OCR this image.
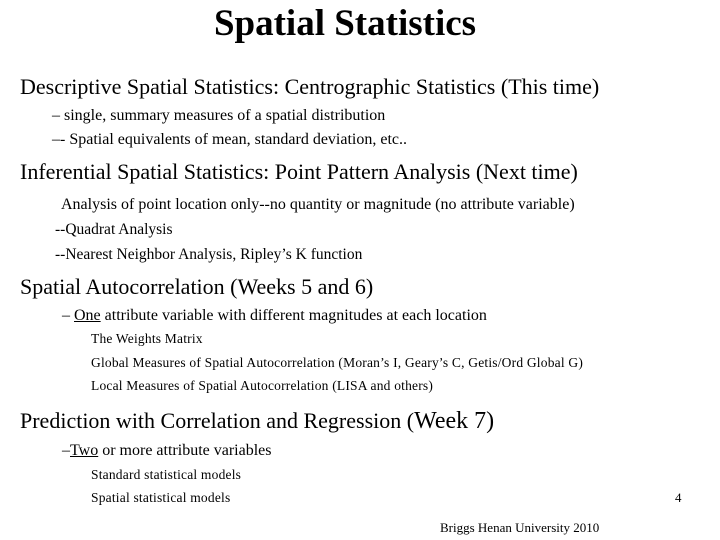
Spatial Statistics
Descriptive Spatial Statistics: Centrographic Statistics (This time)
– single, summary measures of a spatial distribution
–- Spatial equivalents of mean, standard deviation, etc..
Inferential Spatial Statistics: Point Pattern Analysis (Next time)
Analysis of point location only--no quantity or magnitude (no attribute variable)
--Quadrat Analysis
--Nearest Neighbor Analysis, Ripley’s K function
Spatial Autocorrelation (Weeks 5 and 6)
– One attribute variable with different magnitudes at each location
The Weights Matrix
Global Measures of Spatial Autocorrelation (Moran’s I, Geary’s C, Getis/Ord Global G)
Local Measures of Spatial Autocorrelation (LISA and others)
Prediction with Correlation and Regression (Week 7)
–Two or more attribute variables
Standard statistical models
Spatial statistical models	4
Briggs Henan University 2010
